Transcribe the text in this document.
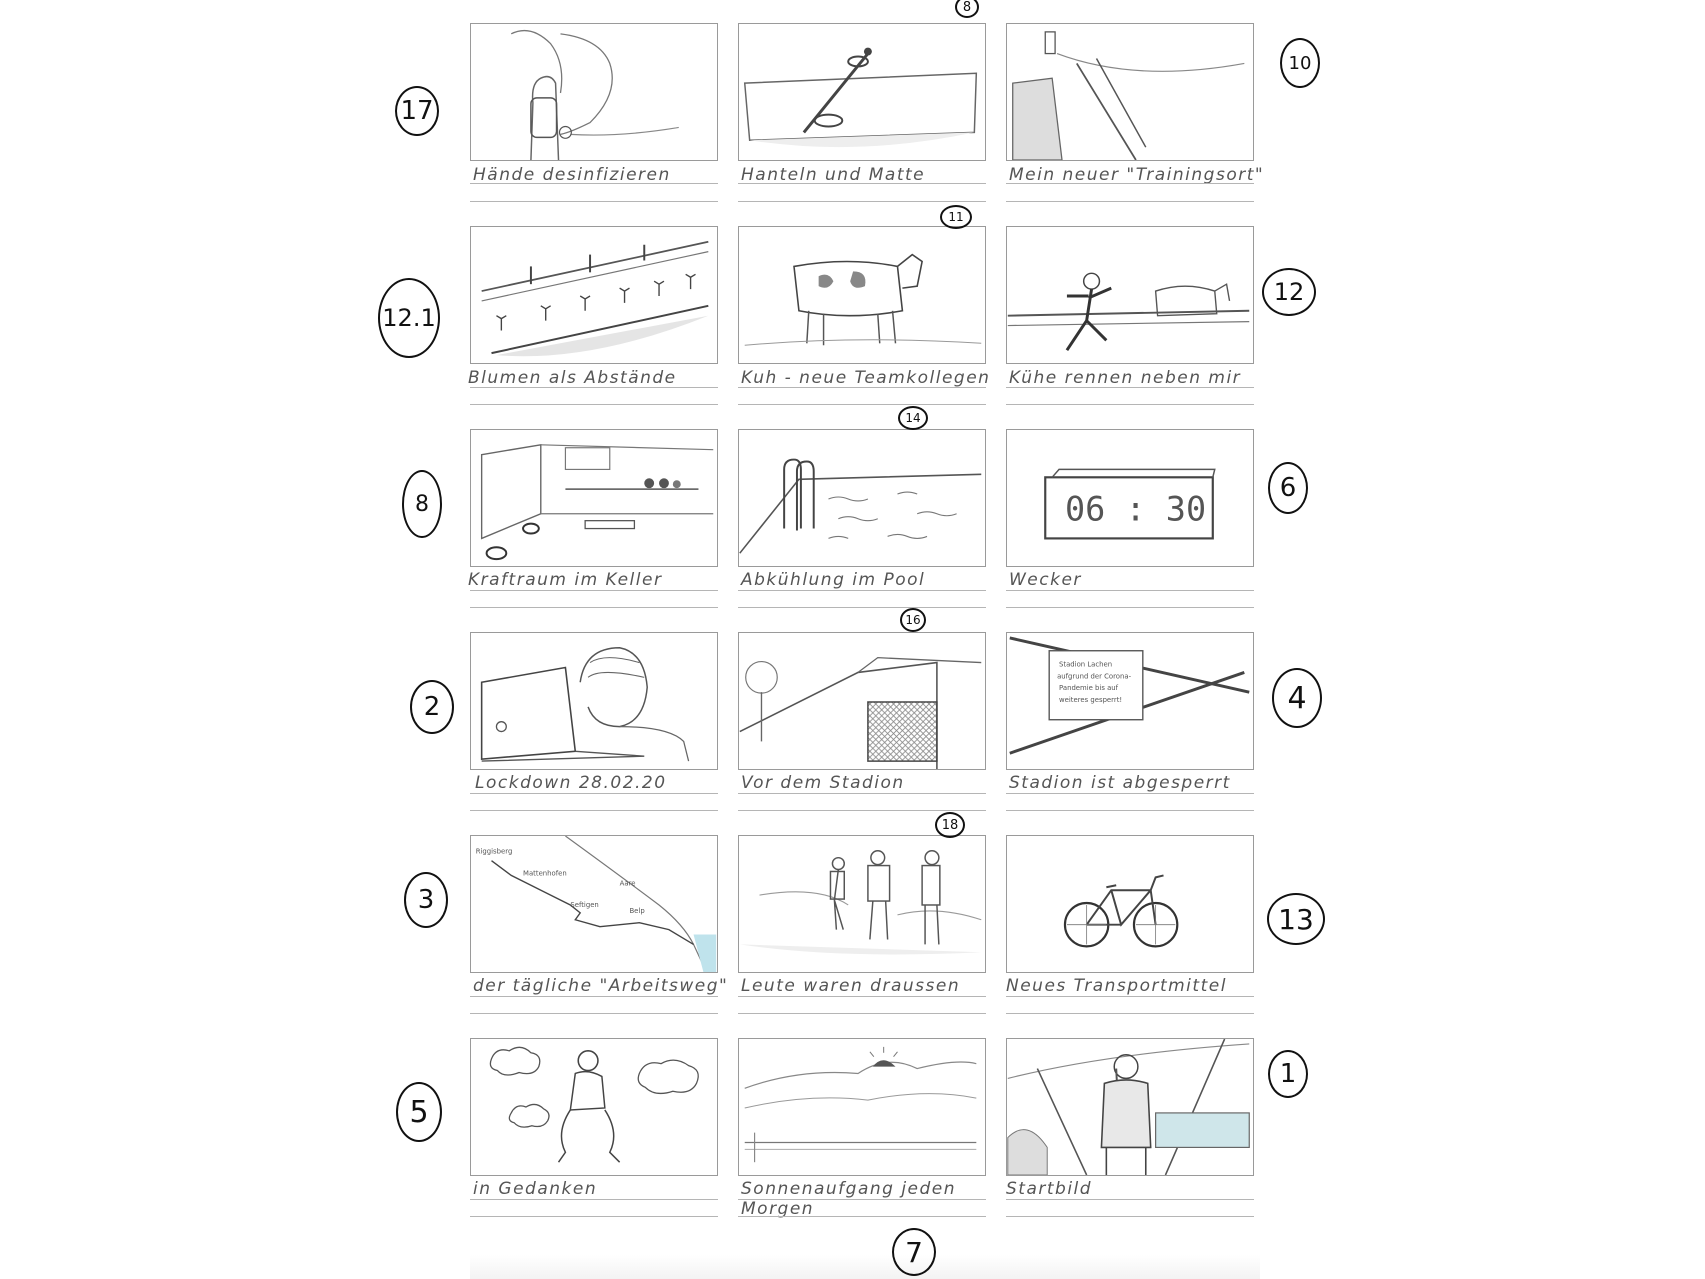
Hände desinfizieren	Hanteln und Matte	Mein neuer "Trainingsort"
17
8
10
Blumen als Abstände	Kuh - neue Teamkollegen Kühe rennen neben mir
12.1
11
12
Kraftraum im Keller	Abkühlung im Pool
06 : 30
Wecker
8
14
6
Lockdown 28.02.20	Vor dem Stadion
Stadion Lachen
aufgrund der Corona-
Pandemie bis auf
weiteres gesperrt!
Stadion ist abgesperrt
2
16
4
Riggisberg
Mattenhofen
Aare
Seftigen
Belp
der tägliche "Arbeitsweg" Leute waren draussen	Neues Transportmittel
3
18
13
in Gedanken	Sonnenaufgang jeden
Morgen
Startbild
5
1
7
